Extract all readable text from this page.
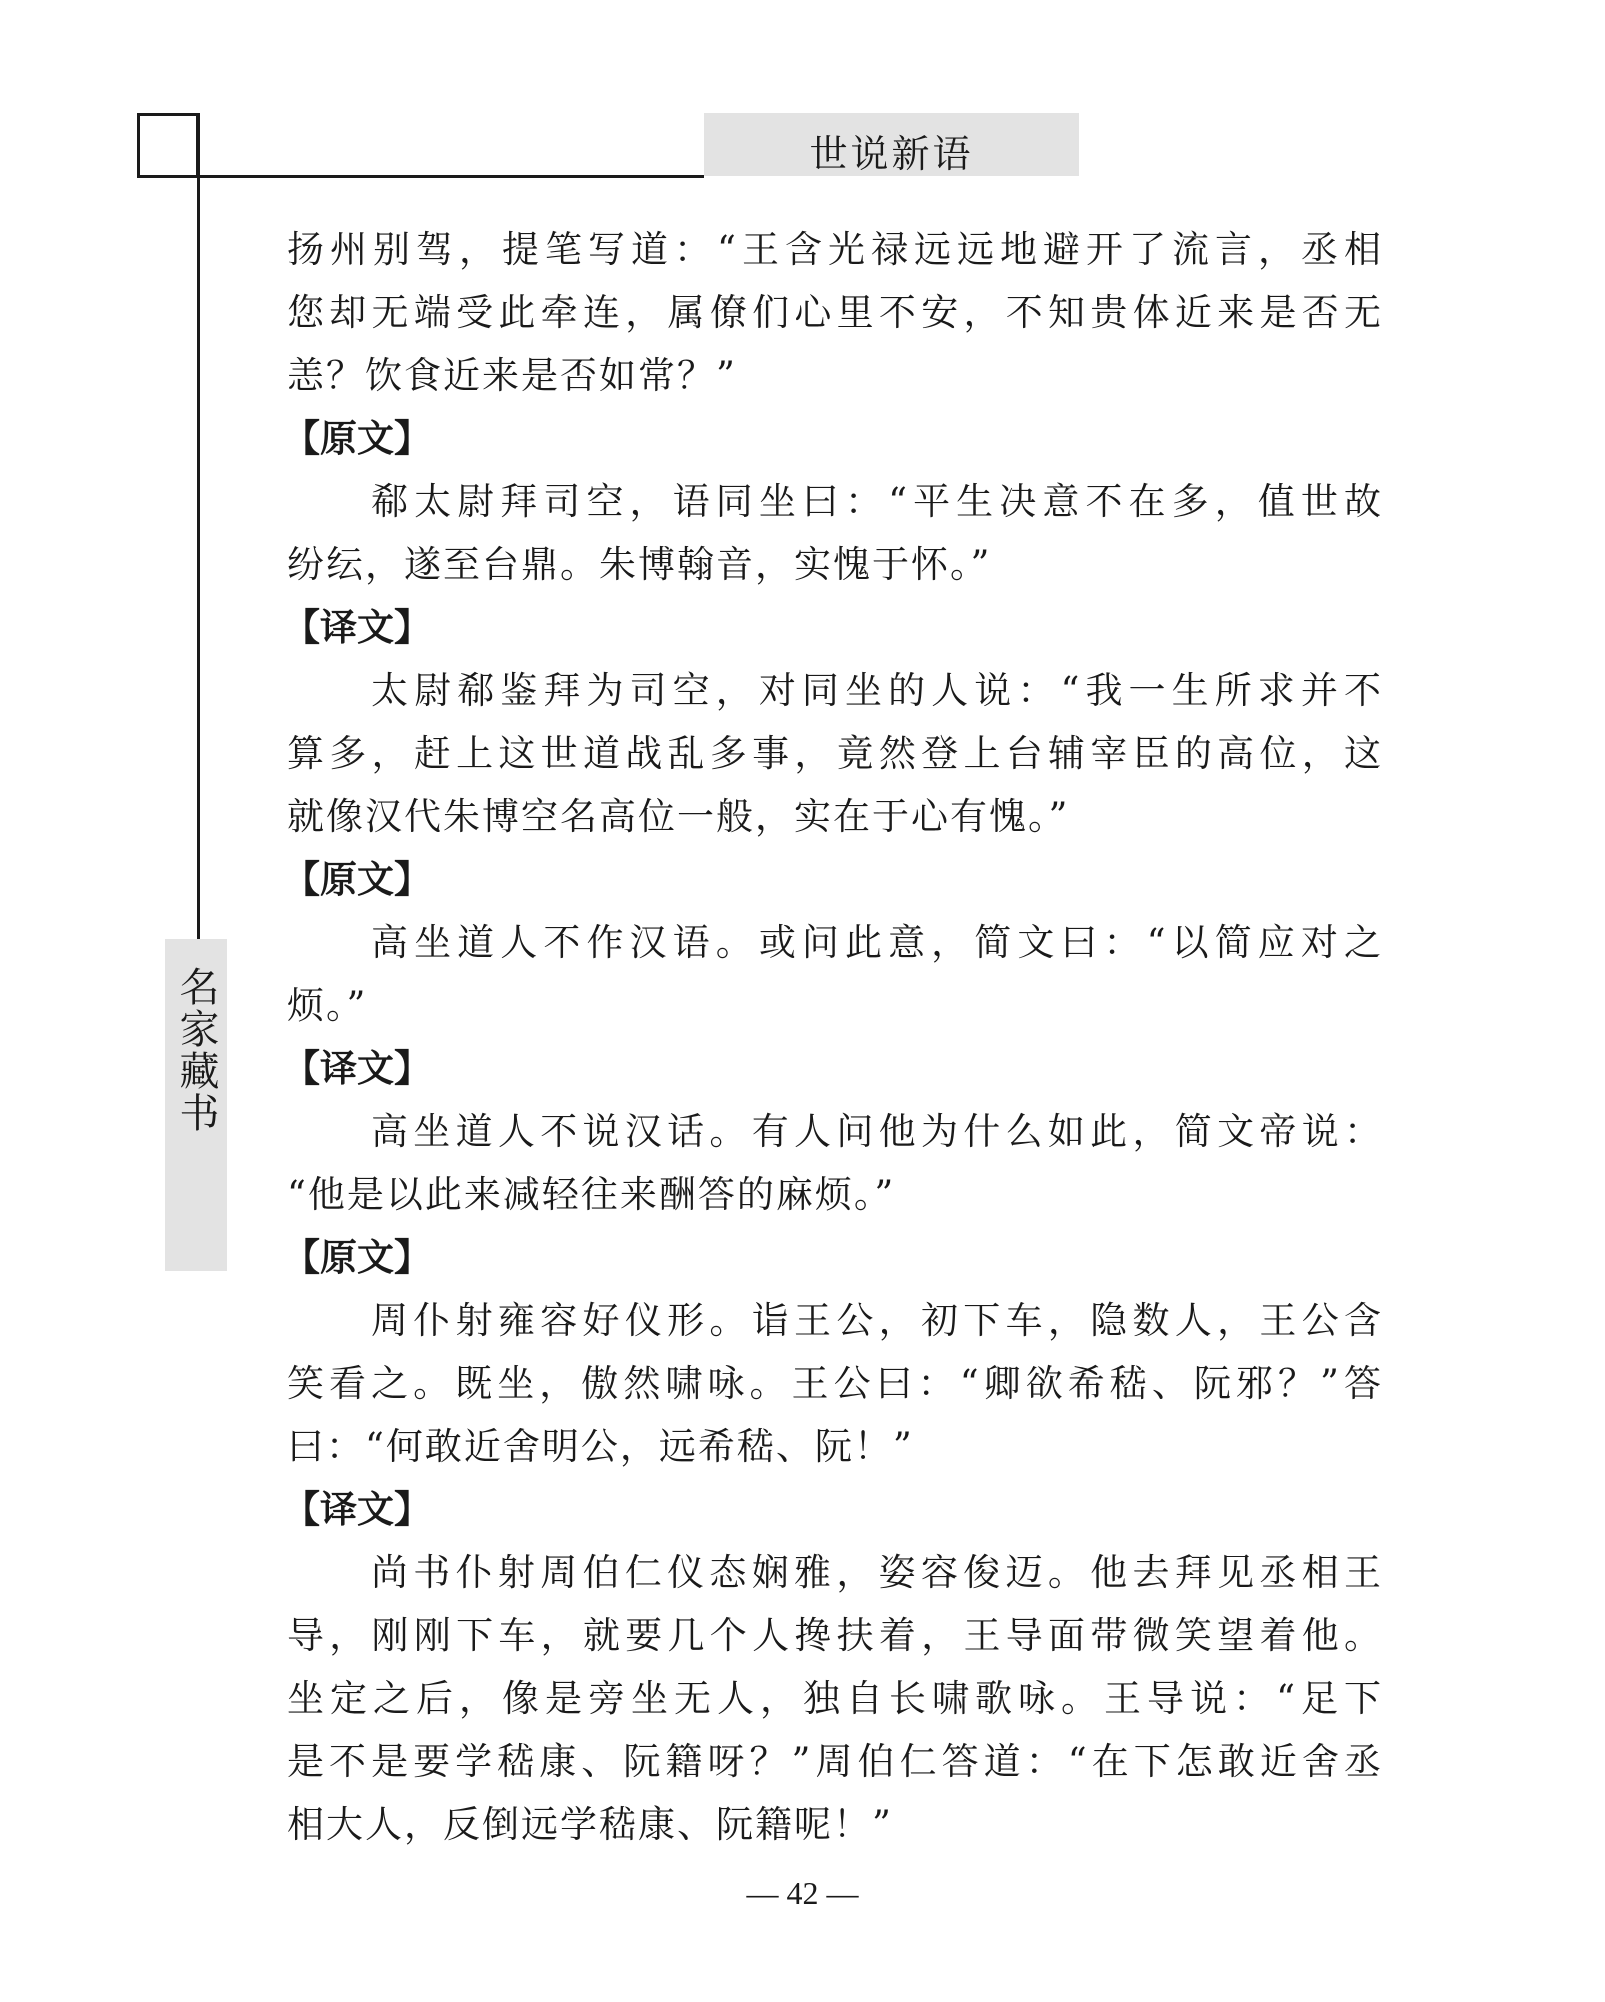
世说新语
名家藏书
扬州别驾，提笔写道：“王含光禄远远地避开了流言，丞相
您却无端受此牵连，属僚们心里不安，不知贵体近来是否无
恙？饮食近来是否如常？”
【原文】
郗太尉拜司空，语同坐曰：“平生决意不在多，值世故
纷纭，遂至台鼎。朱博翰音，实愧于怀。”
【译文】
太尉郗鉴拜为司空，对同坐的人说：“我一生所求并不
算多，赶上这世道战乱多事，竟然登上台辅宰臣的高位，这
就像汉代朱博空名高位一般，实在于心有愧。”
【原文】
高坐道人不作汉语。或问此意，简文曰：“以简应对之
烦。”
【译文】
高坐道人不说汉话。有人问他为什么如此，简文帝说：
“他是以此来减轻往来酬答的麻烦。”
【原文】
周仆射雍容好仪形。诣王公，初下车，隐数人，王公含
笑看之。既坐，傲然啸咏。王公曰：“卿欲希嵇、阮邪？”答
曰：“何敢近舍明公，远希嵇、阮！”
【译文】
尚书仆射周伯仁仪态娴雅，姿容俊迈。他去拜见丞相王
导，刚刚下车，就要几个人搀扶着，王导面带微笑望着他。
坐定之后，像是旁坐无人，独自长啸歌咏。王导说：“足下
是不是要学嵇康、阮籍呀？”周伯仁答道：“在下怎敢近舍丞
相大人，反倒远学嵇康、阮籍呢！”
— 42 —
